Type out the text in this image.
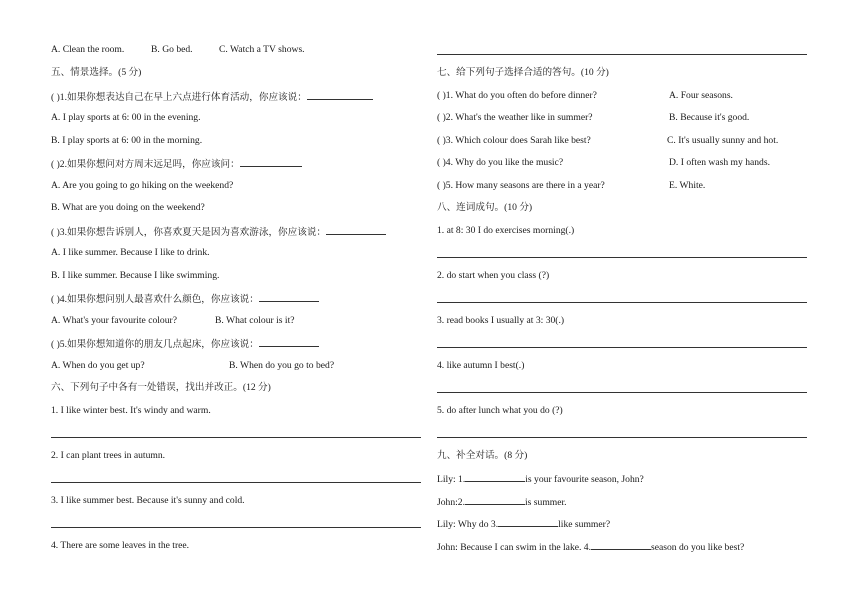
A. Clean the room.	B. Go bed.	C. Watch a TV shows.
五、情景选择。(5 分)
( )1.如果你想表达自己在早上六点进行体育活动，你应该说：
A. I play sports at 6: 00 in the evening.
B. I play sports at 6: 00 in the morning.
( )2.如果你想问对方周末远足吗，你应该问：
A. Are you going to go hiking on the weekend?
B. What are you doing on the weekend?
( )3.如果你想告诉别人，你喜欢夏天是因为喜欢游泳，你应该说：
A. I like summer. Because I like to drink.
B. I like summer. Because I like swimming.
( )4.如果你想问别人最喜欢什么颜色，你应该说：
A. What's your favourite colour?	B. What colour is it?
( )5.如果你想知道你的朋友几点起床，你应该说：
A. When do you get up?	B. When do you go to bed?
六、下列句子中各有一处错误，找出并改正。(12 分)
1. I like winter best. It's windy and warm.
2. I can plant trees in autumn.
3. I like summer best. Because it's sunny and cold.
4. There are some leaves in the tree.
七、给下列句子选择合适的答句。(10 分)
( )1. What do you often do before dinner?	A. Four seasons.
( )2. What's the weather like in summer?	B. Because it's good.
( )3. Which colour does Sarah like best?	C. It's usually sunny and hot.
( )4. Why do you like the music?	D. I often wash my hands.
( )5. How many seasons are there in a year?	E. White.
八、连词成句。(10 分)
1. at 8: 30 I do exercises morning(.)
2. do start when you class (?)
3. read books I usually at 3: 30(.)
4. like autumn I best(.)
5. do after lunch what you do (?)
九、补全对话。(8 分)
Lily: 1.	is your favourite season, John?
John:2.	is summer.
Lily: Why do 3.	like summer?
John: Because I can swim in the lake. 4.	season do you like best?
